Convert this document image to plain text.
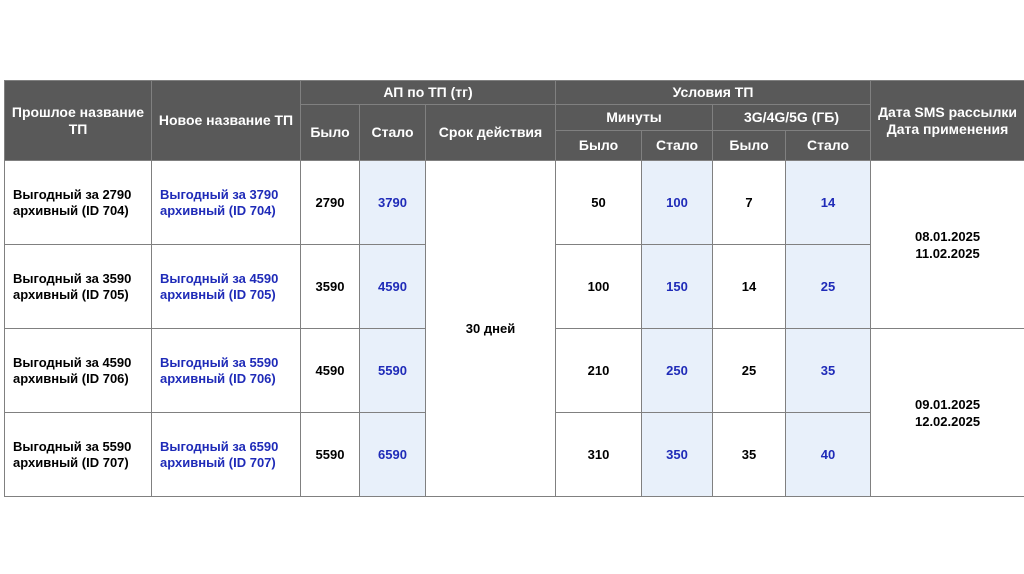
Прошлое название ТП	Новое название ТП	АП по ТП (тг)			Условия ТП				Дата SMS рассылки Дата применения
		Было	Стало	Срок действия	Минуты		3G/4G/5G (ГБ)		
					Было	Стало	Было	Стало	
Выгодный за 2790 архивный (ID 704)	Выгодный за 3790 архивный (ID 704)	2790	3790	30 дней	50	100	7	14	08.01.2025
11.02.2025

Выгодный за 3590 архивный (ID 705)	Выгодный за 4590 архивный (ID 705)	3590	4590		100	150	14	25	
Выгодный за 4590 архивный (ID 706)	Выгодный за 5590 архивный (ID 706)	4590	5590		210	250	25	35	09.01.2025
12.02.2025

Выгодный за 5590 архивный (ID 707)	Выгодный за 6590 архивный (ID 707)	5590	6590		310	350	35	40	
